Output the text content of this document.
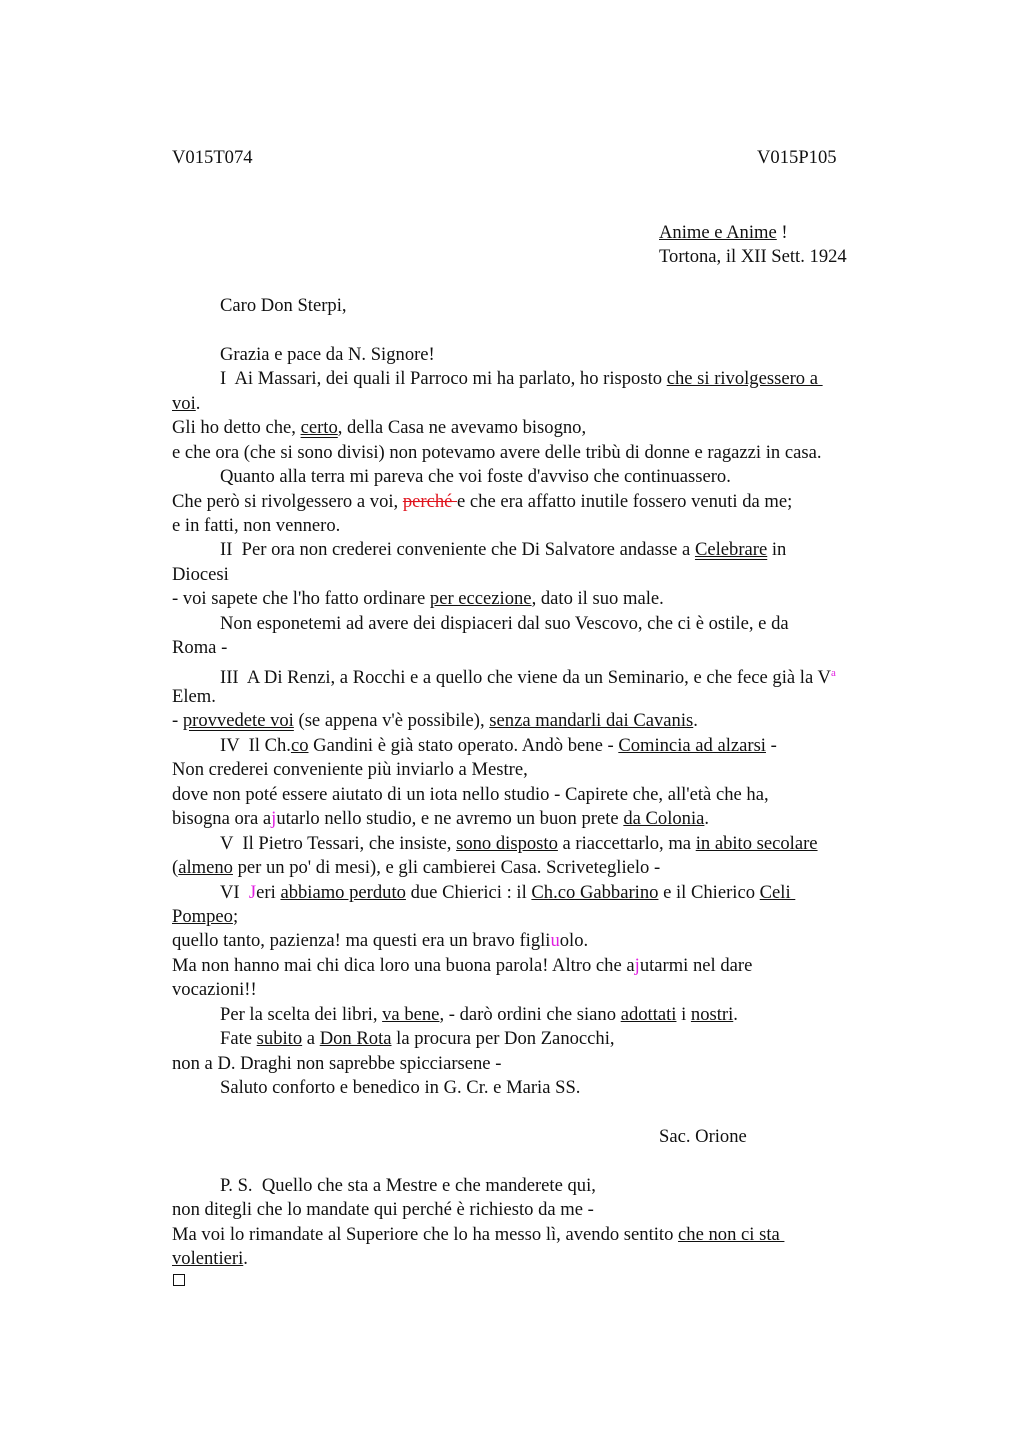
V015T074	V015P105
Anime e Anime !
Tortona, il XII Sett. 1924
Caro Don Sterpi,
Grazia e pace da N. Signore!
I  Ai Massari, dei quali il Parroco mi ha parlato, ho risposto che si rivolgessero a
voi.
Gli ho detto che, certo, della Casa ne avevamo bisogno,
e che ora (che si sono divisi) non potevamo avere delle tribù di donne e ragazzi in casa.
Quanto alla terra mi pareva che voi foste d'avviso che continuassero.
Che però si rivolgessero a voi, perché e che era affatto inutile fossero venuti da me;
e in fatti, non vennero.
II  Per ora non crederei conveniente che Di Salvatore andasse a Celebrare in
Diocesi
- voi sapete che l'ho fatto ordinare per eccezione, dato il suo male.
Non esponetemi ad avere dei dispiaceri dal suo Vescovo, che ci è ostile, e da
Roma -
III  A Di Renzi, a Rocchi e a quello che viene da un Seminario, e che fece già la $V^a$
Elem.
- provvedete voi (se appena v'è possibile), senza mandarli dai Cavanis.
IV  Il Ch.co Gandini è già stato operato. Andò bene - Comincia ad alzarsi -
Non crederei conveniente più inviarlo a Mestre,
dove non poté essere aiutato di un iota nello studio - Capirete che, all'età che ha,
bisogna ora ajutarlo nello studio, e ne avremo un buon prete da Colonia.
V  Il Pietro Tessari, che insiste, sono disposto a riaccettarlo, ma in abito secolare
(almeno per un po' di mesi), e gli cambierei Casa. Scriveteglielo -
VI  Jeri abbiamo perduto due Chierici : il Ch.co Gabbarino e il Chierico Celi
Pompeo;
quello tanto, pazienza! ma questi era un bravo figliuolo.
Ma non hanno mai chi dica loro una buona parola! Altro che ajutarmi nel dare
vocazioni!!
Per la scelta dei libri, va bene, - darò ordini che siano adottati i nostri.
Fate subito a Don Rota la procura per Don Zanocchi,
non a D. Draghi non saprebbe spicciarsene -
Saluto conforto e benedico in G. Cr. e Maria SS.
Sac. Orione
P. S.  Quello che sta a Mestre e che manderete qui,
non ditegli che lo mandate qui perché è richiesto da me -
Ma voi lo rimandate al Superiore che lo ha messo lì, avendo sentito che non ci sta
volentieri.
